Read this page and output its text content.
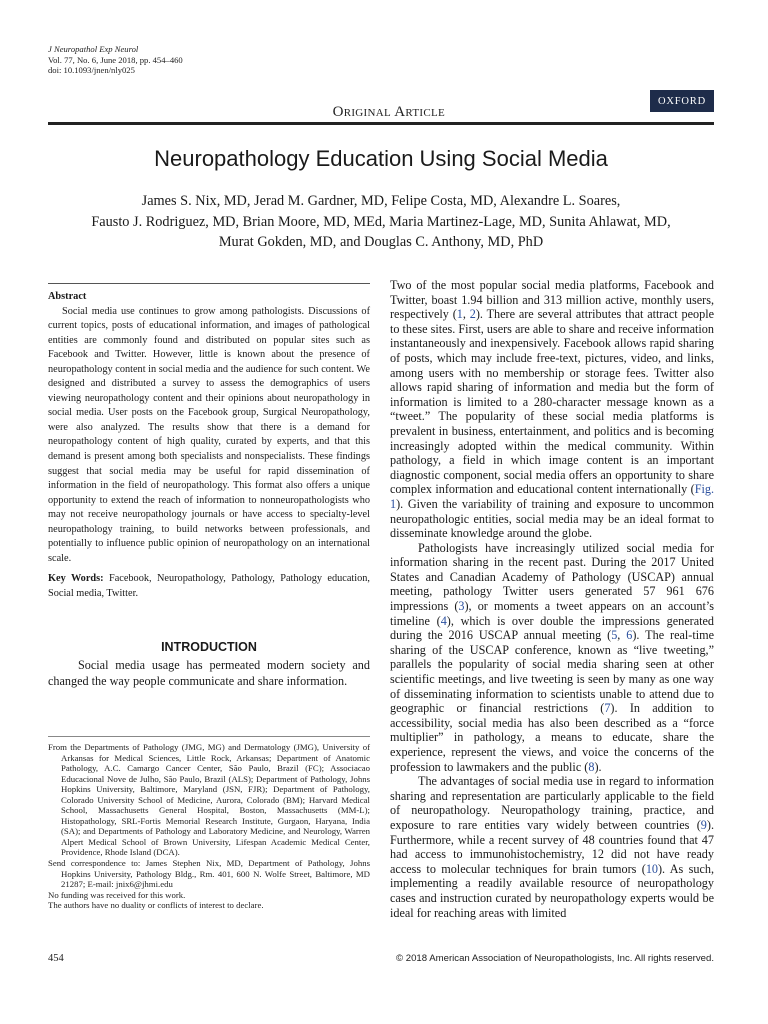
J Neuropathol Exp Neurol
Vol. 77, No. 6, June 2018, pp. 454–460
doi: 10.1093/jnen/nly025
OXFORD
Original Article
Neuropathology Education Using Social Media
James S. Nix, MD, Jerad M. Gardner, MD, Felipe Costa, MD, Alexandre L. Soares,
Fausto J. Rodriguez, MD, Brian Moore, MD, MEd, Maria Martinez-Lage, MD, Sunita Ahlawat, MD,
Murat Gokden, MD, and Douglas C. Anthony, MD, PhD
Abstract

Social media use continues to grow among pathologists. Discussions of current topics, posts of educational information, and images of pathological entities are commonly found and distributed on popular sites such as Facebook and Twitter. However, little is known about the presence of neuropathology content in social media and the audience for such content. We designed and distributed a survey to assess the demographics of users viewing neuropathology content and their opinions about neuropathology in social media. User posts on the Facebook group, Surgical Neuropathology, were also analyzed. The results show that there is a demand for neuropathology content of high quality, curated by experts, and that this demand is present among both specialists and nonspecialists. These findings suggest that social media may be useful for rapid dissemination of information in the field of neuropathology. This format also offers a unique opportunity to extend the reach of information to nonneuropathologists who may not receive neuropathology journals or have access to specialty-level neuropathology training, to build networks between professionals, and potentially to influence public opinion of neuropathology on an international scale.

Key Words: Facebook, Neuropathology, Pathology, Pathology education, Social media, Twitter.
INTRODUCTION

Social media usage has permeated modern society and changed the way people communicate and share information.

From the Departments of Pathology (JMG, MG) and Dermatology (JMG), University of Arkansas for Medical Sciences, Little Rock, Arkansas; Department of Anatomic Pathology, A.C. Camargo Cancer Center, São Paulo, Brazil (FC); Associacao Educacional Nove de Julho, São Paulo, Brazil (ALS); Department of Pathology, Johns Hopkins University, Baltimore, Maryland (JSN, FJR); Department of Pathology, Colorado University School of Medicine, Aurora, Colorado (BM); Harvard Medical School, Massachusetts General Hospital, Boston, Massachusetts (MM-L); Histopathology, SRL-Fortis Memorial Research Institute, Gurgaon, Haryana, India (SA); and Departments of Pathology and Laboratory Medicine, and Neurology, Warren Alpert Medical School of Brown University, Lifespan Academic Medical Center, Providence, Rhode Island (DCA).

Send correspondence to: James Stephen Nix, MD, Department of Pathology, Johns Hopkins University, Pathology Bldg., Rm. 401, 600 N. Wolfe Street, Baltimore, MD 21287; E-mail: jnix6@jhmi.edu

No funding was received for this work.

The authors have no duality or conflicts of interest to declare.

Two of the most popular social media platforms, Facebook and Twitter, boast 1.94 billion and 313 million active, monthly users, respectively (1, 2). There are several attributes that attract people to these sites. First, users are able to share and receive information instantaneously and inexpensively. Facebook allows rapid sharing of posts, which may include free-text, pictures, video, and links, among users with no membership or storage fees. Twitter also allows rapid sharing of information and media but the form of information is limited to a 280-character message known as a “tweet.” The popularity of these social media platforms is prevalent in business, entertainment, and politics and is becoming increasingly adopted within the medical community. Within pathology, a field in which image content is an important diagnostic component, social media offers an opportunity to share complex information and educational content internationally (Fig. 1). Given the variability of training and exposure to uncommon neuropathologic entities, social media may be an ideal format to disseminate knowledge around the globe.

Pathologists have increasingly utilized social media for information sharing in the recent past. During the 2017 United States and Canadian Academy of Pathology (USCAP) annual meeting, pathology Twitter users generated 57 961 676 impressions (3), or moments a tweet appears on an account’s timeline (4), which is over double the impressions generated during the 2016 USCAP annual meeting (5, 6). The real-time sharing of the USCAP conference, known as “live tweeting,” parallels the popularity of social media sharing seen at other scientific meetings, and live tweeting is seen by many as one way of disseminating information to scientists unable to attend due to geographic or financial restrictions (7). In addition to accessibility, social media has also been described as a “force multiplier” in pathology, a means to educate, share the experience, represent the views, and voice the concerns of the profession to lawmakers and the public (8).

The advantages of social media use in regard to information sharing and representation are particularly applicable to the field of neuropathology. Neuropathology training, practice, and exposure to rare entities vary widely between countries (9). Furthermore, while a recent survey of 48 countries found that 47 had access to immunohistochemistry, 12 did not have ready access to molecular techniques for brain tumors (10). As such, implementing a readily available resource of neuropathology cases and instruction curated by neuropathology experts would be ideal for reaching areas with limited

454	© 2018 American Association of Neuropathologists, Inc. All rights reserved.
